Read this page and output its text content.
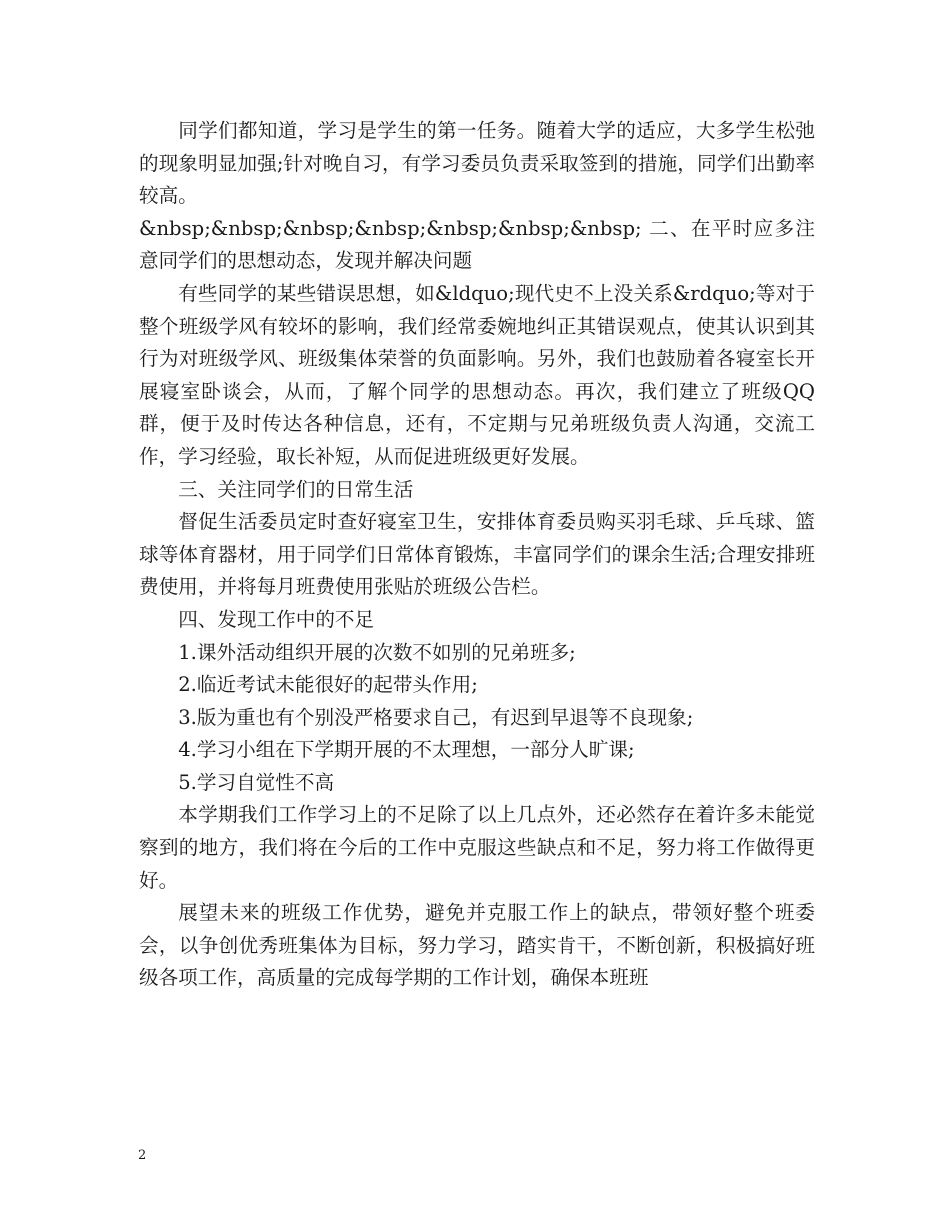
同学们都知道，学习是学生的第一任务。随着大学的适应，大多学生松弛的现象明显加强;针对晚自习，有学习委员负责采取签到的措施，同学们出勤率较高。

&nbsp;&nbsp;&nbsp;&nbsp;&nbsp;&nbsp;&nbsp; 二、在平时应多注意同学们的思想动态，发现并解决问题

有些同学的某些错误思想，如&ldquo;现代史不上没关系&rdquo;等对于整个班级学风有较坏的影响，我们经常委婉地纠正其错误观点，使其认识到其行为对班级学风、班级集体荣誉的负面影响。另外，我们也鼓励着各寝室长开展寝室卧谈会，从而，了解个同学的思想动态。再次，我们建立了班级QQ群，便于及时传达各种信息，还有，不定期与兄弟班级负责人沟通，交流工作，学习经验，取长补短，从而促进班级更好发展。

三、关注同学们的日常生活

督促生活委员定时查好寝室卫生，安排体育委员购买羽毛球、乒乓球、篮球等体育器材，用于同学们日常体育锻炼，丰富同学们的课余生活;合理安排班费使用，并将每月班费使用张贴於班级公告栏。

四、发现工作中的不足

1.课外活动组织开展的次数不如别的兄弟班多;

2.临近考试未能很好的起带头作用;

3.版为重也有个别没严格要求自己，有迟到早退等不良现象;

4.学习小组在下学期开展的不太理想，一部分人旷课;

5.学习自觉性不高

本学期我们工作学习上的不足除了以上几点外，还必然存在着许多未能觉察到的地方，我们将在今后的工作中克服这些缺点和不足，努力将工作做得更好。

展望未来的班级工作优势，避免并克服工作上的缺点，带领好整个班委会，以争创优秀班集体为目标，努力学习，踏实肯干，不断创新，积极搞好班级各项工作，高质量的完成每学期的工作计划，确保本班班

2
